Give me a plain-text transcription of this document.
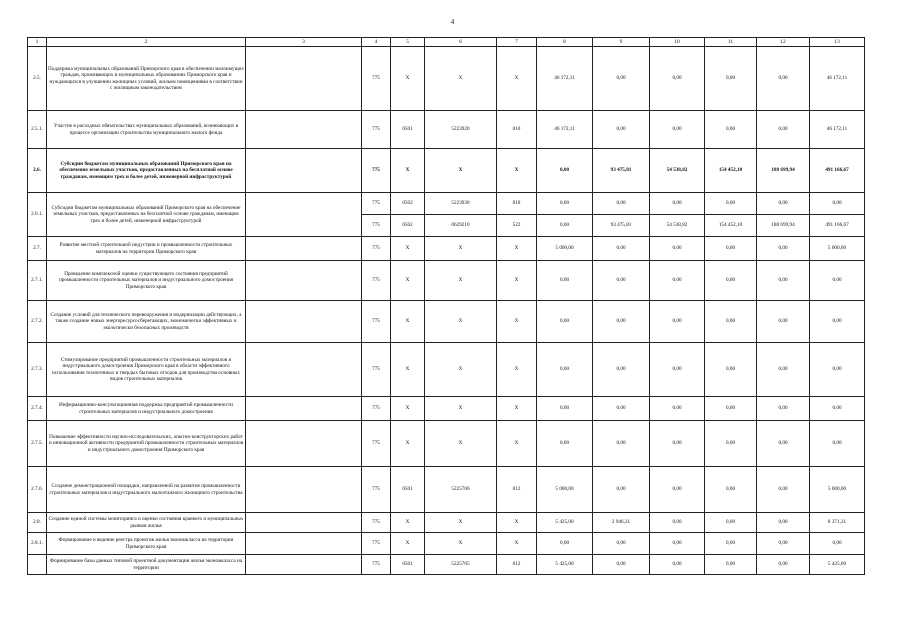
4
1	2	3	4	5	6	7	8	9	10	11	12	13
2.5.	Поддержка муниципальных образований Приморского края в обеспечении малоимущих граждан, проживающих в муниципальных образованиях Приморского края и нуждающихся в улучшении жилищных условий, жильем помещениями в соответствии с жилищным законодательством		775	X	X	X	46 172,11	0,00	0,00	0,00	0,00	46 172,11
2.5.1.	Участие в расходных обязательствах муниципальных образований, возникающих в процессе организации строительства муниципального жилого фонда		775	0501	5223920	010	46 172,11	0,00	0,00	0,00	0,00	46 172,11
2.6.	Субсидии бюджетам муниципальных образований Приморского края на обеспечение земельных участков, предоставленных на бесплатной основе гражданам, имеющим трех и более детей, инженерной инфраструктурой		775	X	X	X	0,00	93 475,81	54 538,82	154 452,10	188 699,94	491 166,67
2.6.1.	Субсидии бюджетам муниципальных образований Приморского края на обеспечение земельных участков, предоставленных на бесплатной основе гражданам, имеющим трех и более детей, инженерной инфраструктурой		775	0502	5223930	010	0,00	0,00	0,00	0,00	0,00	0,00
			775	0502	0629210	522	0,00	93 475,81	54 538,82	154 452,10	188 699,94	491 166,67
2.7.	Развитие местной строительной индустрии и промышленности строительных материалов на территории Приморского края		775	X	X	X	5 000,00	0,00	0,00	0,00	0,00	5 000,00
2.7.1.	Проведение комплексной оценки существующего состояния предприятий промышленности строительных материалов и индустриального домостроения Приморского края		775	X	X	X	0,00	0,00	0,00	0,00	0,00	0,00
2.7.2.	Создание условий для технического перевооружения и модернизации действующих, а также создание новых энергоресурсосберегающих, экономически эффективных и экологически безопасных производств		775	X	X	X	0,00	0,00	0,00	0,00	0,00	0,00
2.7.3.	Стимулирование предприятий промышленности строительных материалов и индустриального домостроения Приморского края в области эффективного использования техногенных и твердых бытовых отходов для производства основных видов строительных материалов		775	X	X	X	0,00	0,00	0,00	0,00	0,00	0,00
2.7.4.	Информационно-консультационная поддержка предприятий промышленности строительных материалов и индустриального домостроения		775	X	X	X	0,00	0,00	0,00	0,00	0,00	0,00
2.7.5.	Повышение эффективности научно-исследовательских, опытно-конструкторских работ и инновационной активности предприятий промышленности строительных материалов и индустриального домостроения Приморского края		775	X	X	X	0,00	0,00	0,00	0,00	0,00	0,00
2.7.6.	Создание демонстрационной площадки, направленной на развитие промышленности строительных материалов и индустриального малоэтажного жилищного строительства		775	0501	5225706	012	5 000,00	0,00	0,00	0,00	0,00	5 000,00
2.8.	Создание единой системы мониторинга и оценки состояния краевого и муниципальных рынков жилья		775	X	X	X	5 425,00	2 946,31	0,00	0,00	0,00	8 371,31
2.8.1.	Формирование и ведение реестра проектов жилья экономкласса на территории Приморского края		775	X	X	X	0,00	0,00	0,00	0,00	0,00	0,00
	Формирование базы данных типовой проектной документации жилья экономкласса на территории		775	0501	5225705	012	5 425,00	0,00	0,00	0,00	0,00	5 425,00
